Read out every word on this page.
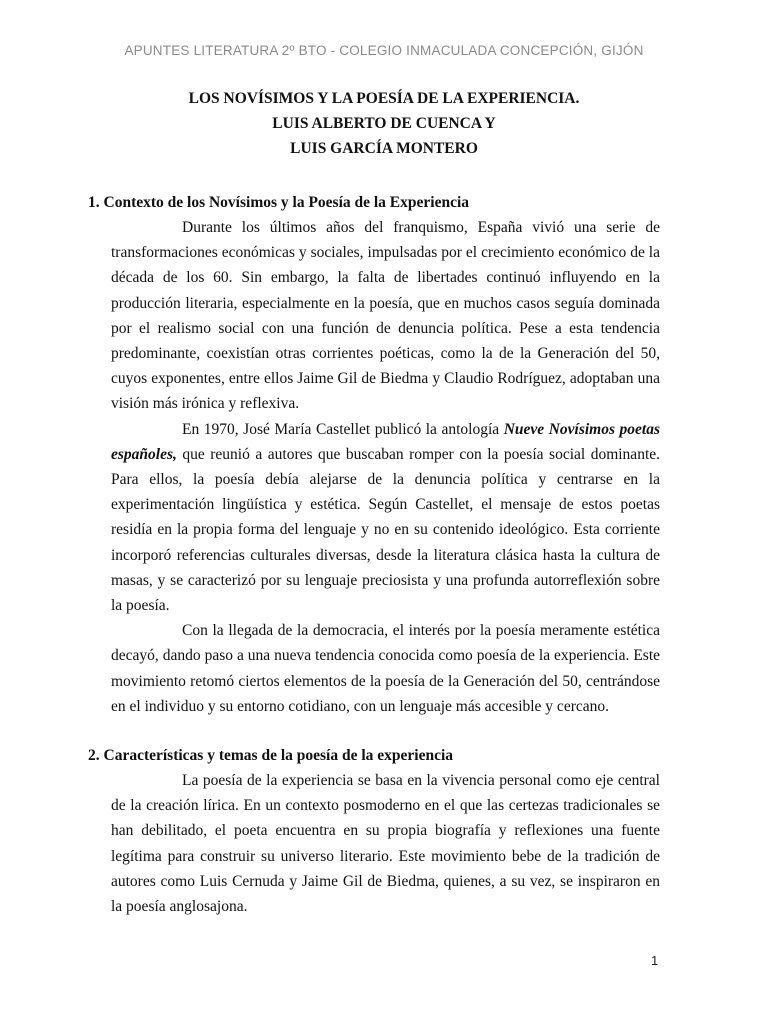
APUNTES LITERATURA 2º BTO - COLEGIO INMACULADA CONCEPCIÓN, GIJÓN
LOS NOVÍSIMOS Y LA POESÍA DE LA EXPERIENCIA.
LUIS ALBERTO DE CUENCA Y
LUIS GARCÍA MONTERO
1. Contexto de los Novísimos y la Poesía de la Experiencia
Durante los últimos años del franquismo, España vivió una serie de transformaciones económicas y sociales, impulsadas por el crecimiento económico de la década de los 60. Sin embargo, la falta de libertades continuó influyendo en la producción literaria, especialmente en la poesía, que en muchos casos seguía dominada por el realismo social con una función de denuncia política. Pese a esta tendencia predominante, coexistían otras corrientes poéticas, como la de la Generación del 50, cuyos exponentes, entre ellos Jaime Gil de Biedma y Claudio Rodríguez, adoptaban una visión más irónica y reflexiva.
En 1970, José María Castellet publicó la antología Nueve Novísimos poetas españoles, que reunió a autores que buscaban romper con la poesía social dominante. Para ellos, la poesía debía alejarse de la denuncia política y centrarse en la experimentación lingüística y estética. Según Castellet, el mensaje de estos poetas residía en la propia forma del lenguaje y no en su contenido ideológico. Esta corriente incorporó referencias culturales diversas, desde la literatura clásica hasta la cultura de masas, y se caracterizó por su lenguaje preciosista y una profunda autorreflexión sobre la poesía.
Con la llegada de la democracia, el interés por la poesía meramente estética decayó, dando paso a una nueva tendencia conocida como poesía de la experiencia. Este movimiento retomó ciertos elementos de la poesía de la Generación del 50, centrándose en el individuo y su entorno cotidiano, con un lenguaje más accesible y cercano.
2. Características y temas de la poesía de la experiencia
La poesía de la experiencia se basa en la vivencia personal como eje central de la creación lírica. En un contexto posmoderno en el que las certezas tradicionales se han debilitado, el poeta encuentra en su propia biografía y reflexiones una fuente legítima para construir su universo literario. Este movimiento bebe de la tradición de autores como Luis Cernuda y Jaime Gil de Biedma, quienes, a su vez, se inspiraron en la poesía anglosajona.
1
